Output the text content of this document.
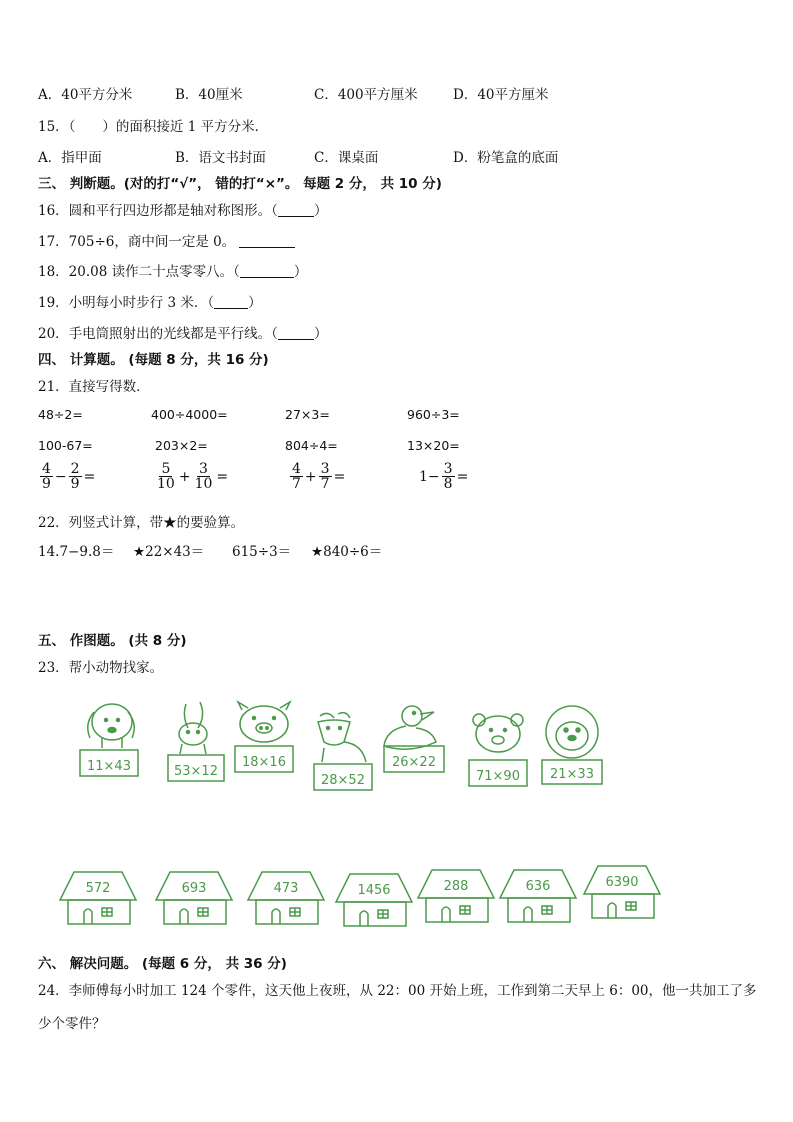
A．40平方分米	B．40厘米	C．400平方厘米	D．40平方厘米
15．（　　）的面积接近 1 平方分米．
A．指甲面	B．语文书封面	C．课桌面	D．粉笔盒的底面
三、 判断题。(对的打“√”， 错的打“×”。 每题 2 分， 共 10 分)
16．圆和平行四边形都是轴对称图形。（	）
17．705÷6，商中间一定是 0。
18．20.08 读作二十点零零八。（	）
19．小明每小时步行 3 米．（	）
20．手电筒照射出的光线都是平行线。（	）
四、 计算题。 (每题 8 分，共 16 分)
21．直接写得数．
48÷2=	400÷4000=	27×3=	960÷3=
100-67=	203×2=	804÷4=	13×20=
$\frac{4}{9} - \frac{2}{9}$ =	$\frac{5}{10} + \frac{3}{10}$ =	$\frac{4}{7} + \frac{3}{7}$ =	$1- \frac{3}{8}$ =
22．列竖式计算，带★的要验算。
14.7−9.8＝ ★22×43＝ 615÷3＝ ★840÷6＝
五、 作图题。 (共 8 分)
23．帮小动物找家。
11×43	53×12
18×16
28×52
26×22
71×90 21×33
572	693	473	1456	288	636	6390
六、 解决问题。 (每题 6 分， 共 36 分)
24．李师傅每小时加工 124 个零件，这天他上夜班，从 22：00 开始上班，工作到第二天早上 6：00，他一共加工了多
少个零件？
